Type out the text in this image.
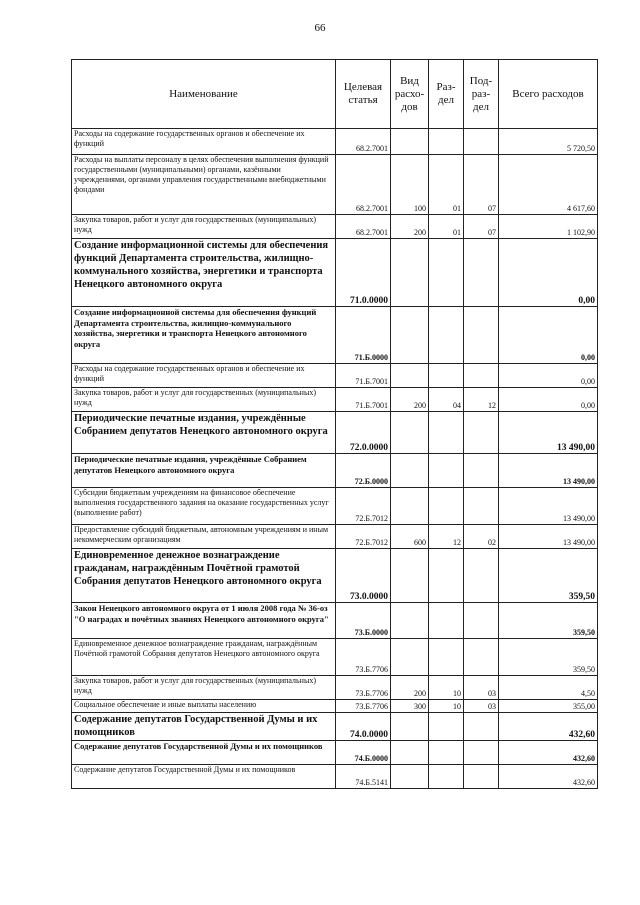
66
Наименование	Целевая статья	Вид расхо-дов	Раз-дел	Под-раз-дел	Всего расходов
Расходы на содержание государственных органов и обеспечение их функций	68.2.7001				5 720,50
Расходы на выплаты персоналу в целях обеспечения выполнения функций государственными (муниципальными) органами, казёнными учреждениями, органами управления государственными внебюджетными фондами	68.2.7001	100	01	07	4 617,60
Закупка товаров, работ и услуг для государственных (муниципальных) нужд	68.2.7001	200	01	07	1 102,90
Создание информационной системы для обеспечения функций Департамента строительства, жилищно-коммунального хозяйства, энергетики и транспорта Ненецкого автономного округа	71.0.0000				0,00
Создание информационной системы для обеспечения функций Департамента строительства, жилищно-коммунального хозяйства, энергетики и транспорта Ненецкого автономного округа	71.Б.0000				0,00
Расходы на содержание государственных органов и обеспечение их функций	71.Б.7001				0,00
Закупка товаров, работ и услуг для государственных (муниципальных) нужд	71.Б.7001	200	04	12	0,00
Периодические печатные издания, учреждённые Собранием депутатов Ненецкого автономного округа	72.0.0000				13 490,00
Периодические печатные издания, учреждённые Собранием депутатов Ненецкого автономного округа	72.Б.0000				13 490,00
Субсидии бюджетным учреждениям на финансовое обеспечение выполнения государственного задания на оказание государственных услуг (выполнение работ)	72.Б.7012				13 490,00
Предоставление субсидий бюджетным, автономным учреждениям и иным некоммерческим организациям	72.Б.7012	600	12	02	13 490,00
Единовременное денежное вознаграждение гражданам, награждённым Почётной грамотой Собрания депутатов Ненецкого автономного округа	73.0.0000				359,50
Закон Ненецкого автономного округа от 1 июля 2008 года № 36-оз "О наградах и почётных званиях Ненецкого автономного округа"	73.Б.0000				359,50
Единовременное денежное вознаграждение гражданам, награждённым Почётной грамотой Собрания депутатов Ненецкого автономного округа	73.Б.7706				359,50
Закупка товаров, работ и услуг для государственных (муниципальных) нужд	73.Б.7706	200	10	03	4,50
Социальное обеспечение и иные выплаты населению	73.Б.7706	300	10	03	355,00
Содержание депутатов Государственной Думы и их помощников	74.0.0000				432,60
Содержание депутатов Государственной Думы и их помощников	74.Б.0000				432,60
Содержание депутатов Государственной Думы и их помощников	74.Б.5141				432,60
